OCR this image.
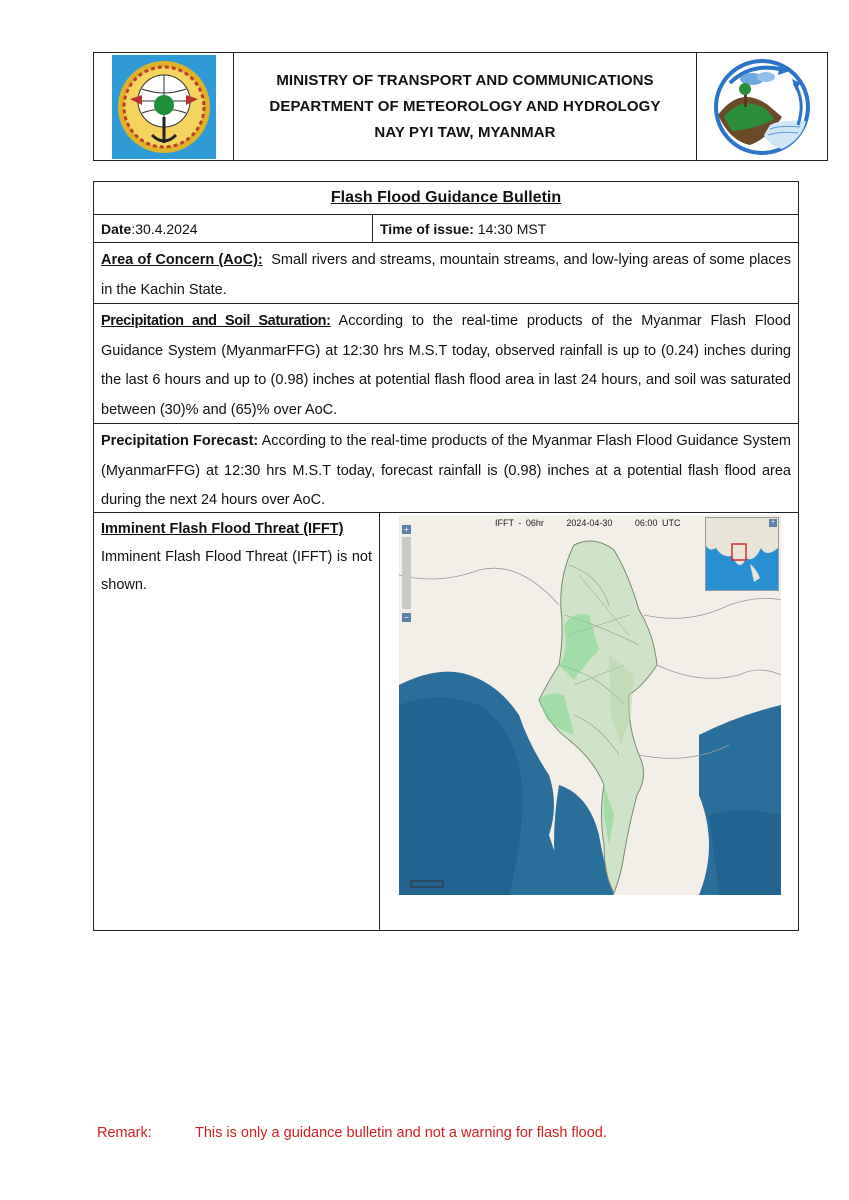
MINISTRY OF TRANSPORT AND COMMUNICATIONS
DEPARTMENT OF METEOROLOGY AND HYDROLOGY
NAY PYI TAW, MYANMAR
Flash Flood Guidance Bulletin
Date :30.4.2024	Time of issue: 14:30 MST
Area of Concern (AoC):  Small rivers and streams, mountain streams, and low-lying areas of some places in the Kachin State.
Precipitation and Soil Saturation: According to the real-time products of the Myanmar Flash Flood Guidance System (MyanmarFFG) at 12:30 hrs M.S.T today, observed rainfall is up to (0.24) inches during the last 6 hours and up to (0.98) inches at potential flash flood area in last 24 hours, and soil was saturated between (30)% and (65)% over AoC.
Precipitation Forecast: According to the real-time products of the Myanmar Flash Flood Guidance System (MyanmarFFG) at 12:30 hrs M.S.T today, forecast rainfall is (0.98) inches at a potential flash flood area during the next 24 hours over AoC.
Imminent Flash Flood Threat (IFFT)
Imminent Flash Flood Threat (IFFT) is not shown.
IFFT - 06hr	2024-04-30	06:00 UTC
+
−
+
Remark:	This is only a guidance bulletin and not a warning for flash flood.
